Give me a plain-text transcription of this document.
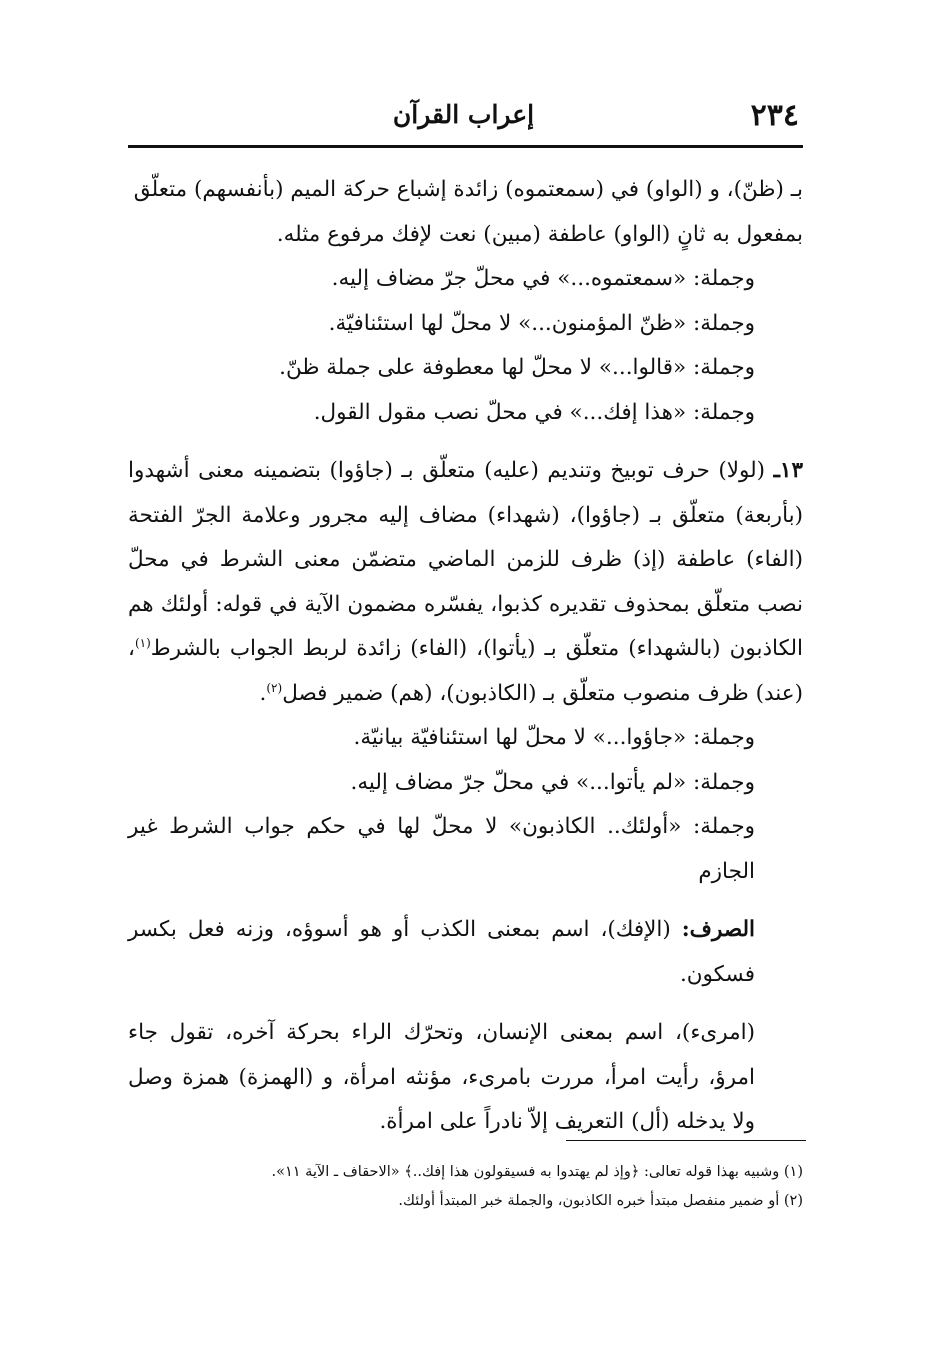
٢٣٤
إعراب القرآن

بـ (ظنّ)، و (الواو) في (سمعتموه) زائدة إشباع حركة الميم (بأنفسهم) متعلّق

بمفعول به ثانٍ (الواو) عاطفة (مبين) نعت لإفك مرفوع مثله.

وجملة: «سمعتموه...» في محلّ جرّ مضاف إليه.

وجملة: «ظنّ المؤمنون...» لا محلّ لها استئنافيّة.

وجملة: «قالوا...» لا محلّ لها معطوفة على جملة ظنّ.

وجملة: «هذا إفك...» في محلّ نصب مقول القول.

١٣ـ (لولا) حرف توبيخ وتنديم (عليه) متعلّق بـ (جاؤوا) بتضمينه معنى أشهدوا (بأربعة) متعلّق بـ (جاؤوا)، (شهداء) مضاف إليه مجرور وعلامة الجرّ الفتحة (الفاء) عاطفة (إذ) ظرف للزمن الماضي متضمّن معنى الشرط في محلّ نصب متعلّق بمحذوف تقديره كذبوا، يفسّره مضمون الآية في قوله: أولئك هم الكاذبون (بالشهداء) متعلّق بـ (يأتوا)، (الفاء) زائدة لربط الجواب بالشرط$^{(١)}$، (عند) ظرف منصوب متعلّق بـ (الكاذبون)، (هم) ضمير فصل$^{(٢)}$.

وجملة: «جاؤوا...» لا محلّ لها استئنافيّة بيانيّة.

وجملة: «لم يأتوا...» في محلّ جرّ مضاف إليه.

وجملة: «أولئك.. الكاذبون» لا محلّ لها في حكم جواب الشرط غير الجازم

الصرف: (الإفك)، اسم بمعنى الكذب أو هو أسوؤه، وزنه فعل بكسر فسكون.

(امرىء)، اسم بمعنى الإنسان، وتحرّك الراء بحركة آخره، تقول جاء امرؤ، رأيت امرأ، مررت بامرىء، مؤنثه امرأة، و (الهمزة) همزة وصل ولا يدخله (أل) التعريف إلاّ نادراً على امرأة.

(١) وشبيه بهذا قوله تعالى: ﴿وإذ لم يهتدوا به فسيقولون هذا إفك..﴾ «الاحقاف ـ الآية ١١».

(٢) أو ضمير منفصل مبتدأ خبره الكاذبون، والجملة خبر المبتدأ أولئك.
